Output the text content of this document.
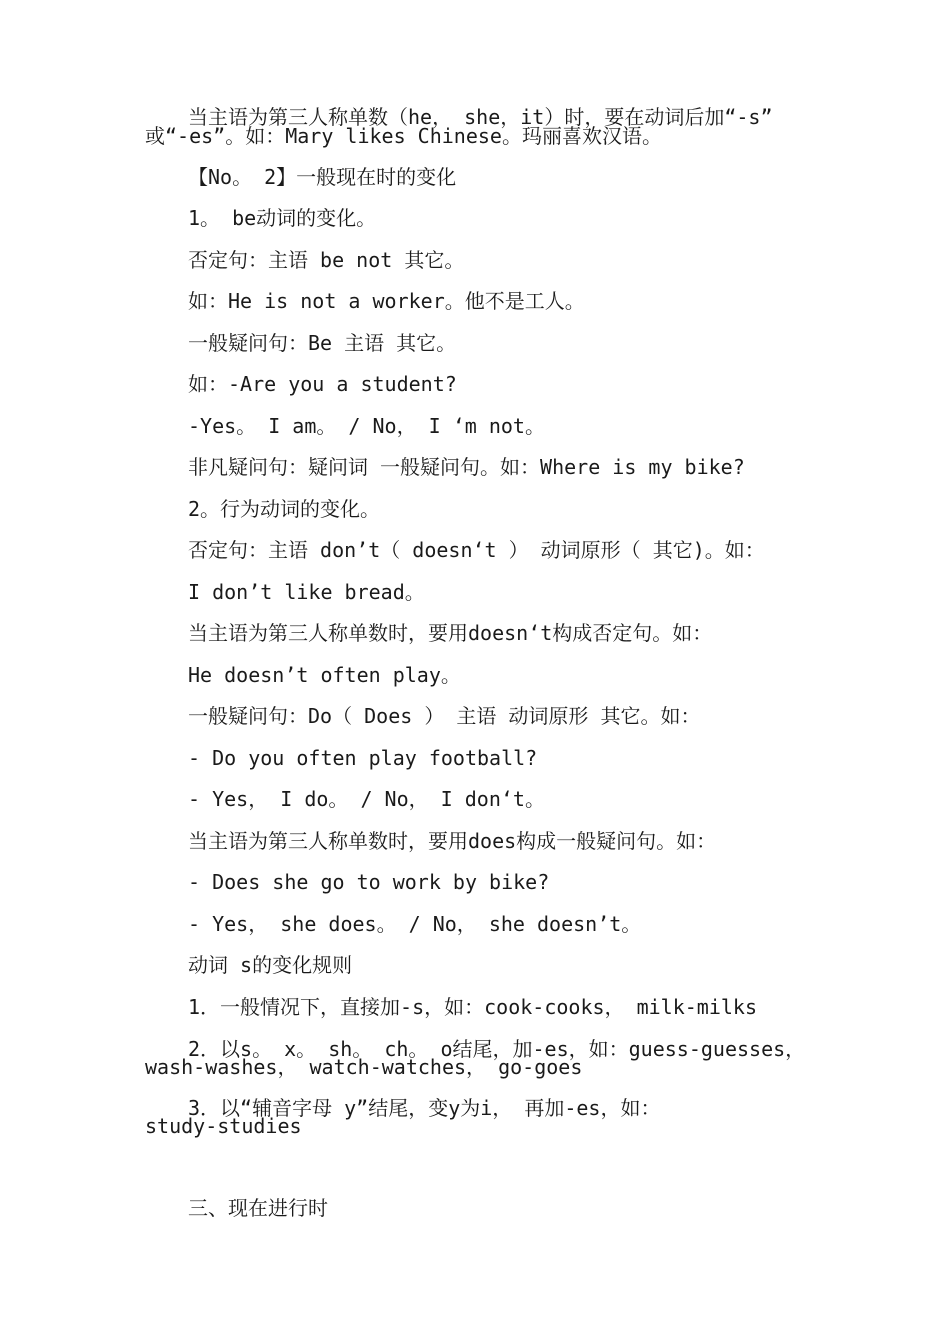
当主语为第三人称单数（he， she，it）时，要在动词后加“-s”
或“-es”。如：Mary likes Chinese。玛丽喜欢汉语。
【No。 2】一般现在时的变化
1。 be动词的变化。
否定句：主语 be not 其它。
如：He is not a worker。他不是工人。
一般疑问句：Be 主语 其它。
如：-Are you a student?
-Yes。 I am。 / No， I ‘m not。
非凡疑问句：疑问词 一般疑问句。如：Where is my bike?
2。行为动词的变化。
否定句：主语 don’t（ doesn‘t ） 动词原形（ 其它)。如：
I don’t like bread。
当主语为第三人称单数时，要用doesn‘t构成否定句。如：
He doesn’t often play。
一般疑问句：Do（ Does ） 主语 动词原形 其它。如：
- Do you often play football?
- Yes， I do。 / No， I don‘t。
当主语为第三人称单数时，要用does构成一般疑问句。如：
- Does she go to work by bike?
- Yes， she does。 / No， she doesn’t。
动词 s的变化规则
1．一般情况下，直接加-s，如：cook-cooks， milk-milks
2．以s。 x。 sh。 ch。 o结尾，加-es，如：guess-guesses，
wash-washes， watch-watches， go-goes
3．以“辅音字母 y”结尾，变y为i， 再加-es，如：
study-studies
三、现在进行时
